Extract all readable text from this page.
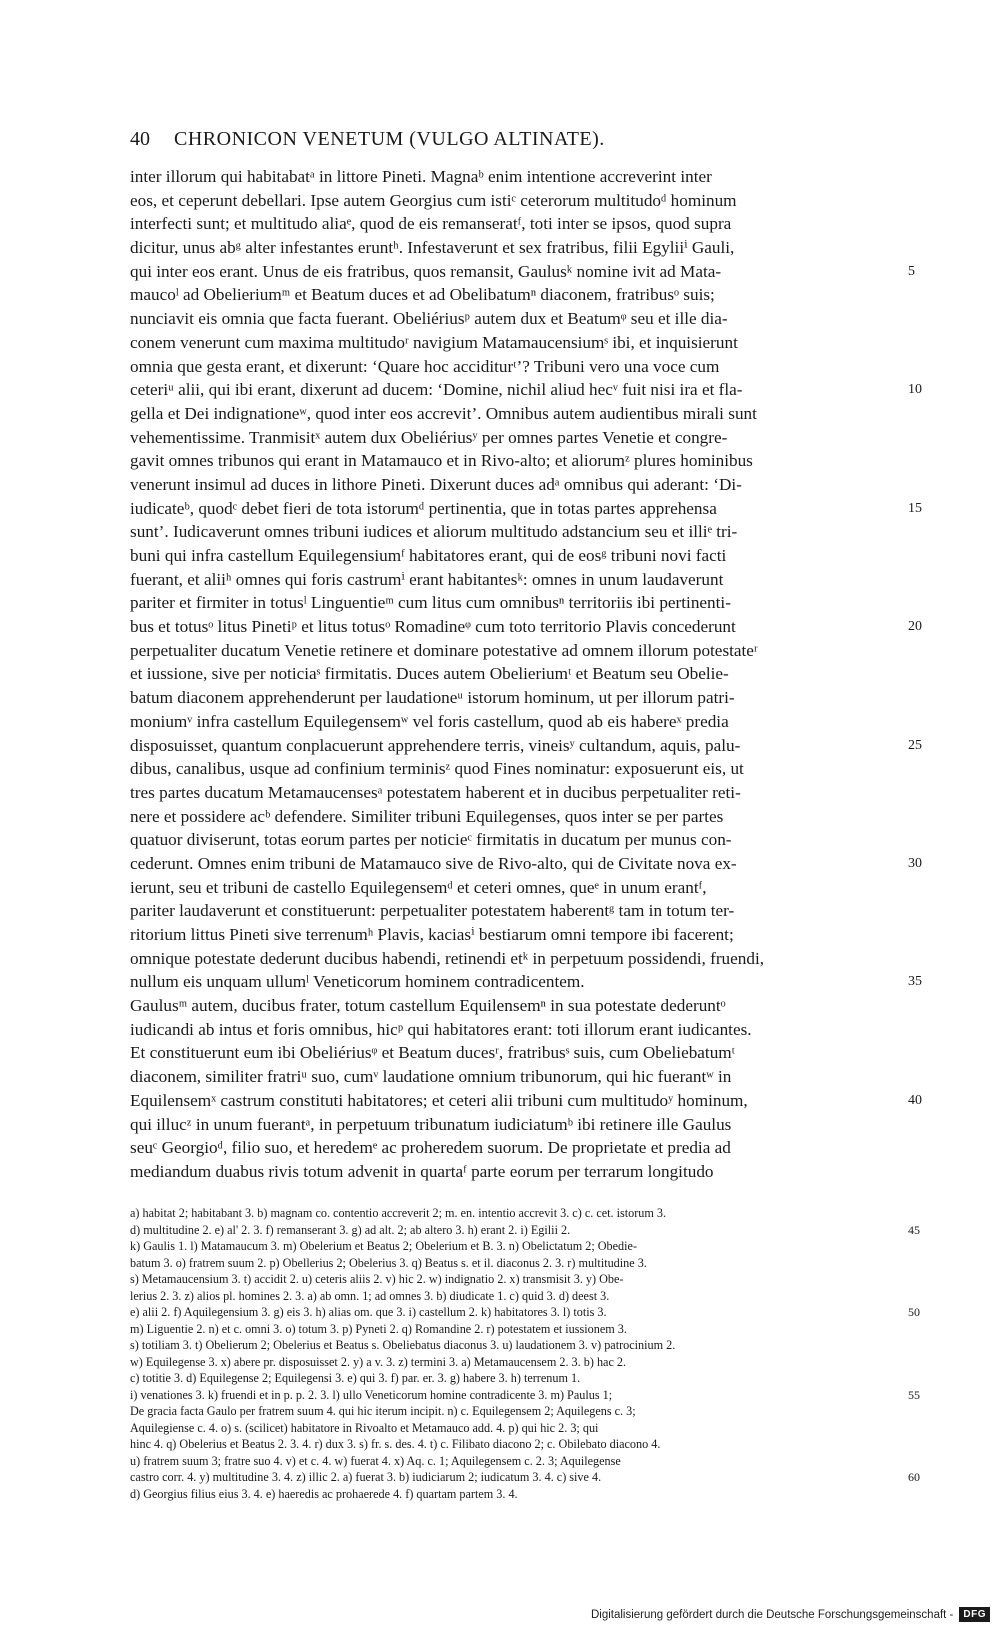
40 CHRONICON VENETUM (VULGO ALTINATE).
inter illorum qui habitabatᵃ in littore Pineti. Magnaᵇ enim intentione accreverint inter
eos, et ceperunt debellari. Ipse autem Georgius cum istiᶜ ceterorum multitudoᵈ hominum
interfecti sunt; et multitudo aliaᵉ, quod de eis remanseratᶠ, toti inter se ipsos, quod supra
dicitur, unus abᵍ alter infestantes eruntʰ. Infestaverunt et sex fratribus, filii Egyliiⁱ Gauli,
qui inter eos erant. Unus de eis fratribus, quos remansit, Gaulusᵏ nomine ivit ad Mata-	5
maucoˡ ad Obelieriumᵐ et Beatum duces et ad Obelibatumⁿ diaconem, fratribusᵒ suis;
nunciavit eis omnia que facta fuerant. Obeliériusᵖ autem dux et Beatumᵠ seu et ille dia-
conem venerunt cum maxima multitudoʳ navigium Matamaucensiumˢ ibi, et inquisierunt
omnia que gesta erant, et dixerunt: ‘Quare hoc acciditurᵗ’? Tribuni vero una voce cum
ceteriᵘ alii, qui ibi erant, dixerunt ad ducem: ‘Domine, nichil aliud hecᵛ fuit nisi ira et fla-	10
gella et Dei indignationeʷ, quod inter eos accrevit’. Omnibus autem audientibus mirali sunt
vehementissime. Tranmisitˣ autem dux Obeliériusʸ per omnes partes Venetie et congre-
gavit omnes tribunos qui erant in Matamauco et in Rivo-alto; et aliorumᶻ plures hominibus
venerunt insimul ad duces in lithore Pineti. Dixerunt duces adᵃ omnibus qui aderant: ‘Di-
iudicateᵇ, quodᶜ debet fieri de tota istorumᵈ pertinentia, que in totas partes apprehensa	15
sunt’. Iudicaverunt omnes tribuni iudices et aliorum multitudo adstancium seu et illiᵉ tri-
buni qui infra castellum Equilegensiumᶠ habitatores erant, qui de eosᵍ tribuni novi facti
fuerant, et aliiʰ omnes qui foris castrumⁱ erant habitantesᵏ: omnes in unum laudaverunt
pariter et firmiter in totusˡ Linguentieᵐ cum litus cum omnibusⁿ territoriis ibi pertinenti-
bus et totusᵒ litus Pinetiᵖ et litus totusᵒ Romadineᵠ cum toto territorio Plavis concederunt	20
perpetualiter ducatum Venetie retinere et dominare potestative ad omnem illorum potestateʳ
et iussione, sive per noticiaˢ firmitatis. Duces autem Obelieriumᵗ et Beatum seu Obelie-
batum diaconem apprehenderunt per laudationeᵘ istorum hominum, ut per illorum patri-
moniumᵛ infra castellum Equilegensemʷ vel foris castellum, quod ab eis habereˣ predia
disposuisset, quantum conplacuerunt apprehendere terris, vineisʸ cultandum, aquis, palu-	25
dibus, canalibus, usque ad confinium terminisᶻ quod Fines nominatur: exposuerunt eis, ut
tres partes ducatum Metamaucensesᵃ potestatem haberent et in ducibus perpetualiter reti-
nere et possidere acᵇ defendere. Similiter tribuni Equilegenses, quos inter se per partes
quatuor diviserunt, totas eorum partes per noticieᶜ firmitatis in ducatum per munus con-
cederunt. Omnes enim tribuni de Matamauco sive de Rivo-alto, qui de Civitate nova ex-	30
ierunt, seu et tribuni de castello Equilegensemᵈ et ceteri omnes, queᵉ in unum erantᶠ,
pariter laudaverunt et constituerunt: perpetualiter potestatem haberentᵍ tam in totum ter-
ritorium littus Pineti sive terrenumʰ Plavis, kaciasⁱ bestiarum omni tempore ibi facerent;
omnique potestate dederunt ducibus habendi, retinendi etᵏ in perpetuum possidendi, fruendi,
nullum eis unquam ullumˡ Veneticorum hominem contradicentem.	35
Gaulusᵐ autem, ducibus frater, totum castellum Equilensemⁿ in sua potestate dederuntᵒ
iudicandi ab intus et foris omnibus, hicᵖ qui habitatores erant: toti illorum erant iudicantes.
Et constituerunt eum ibi Obeliériusᵠ et Beatum ducesʳ, fratribusˢ suis, cum Obeliebatumᵗ
diaconem, similiter fratriᵘ suo, cumᵛ laudatione omnium tribunorum, qui hic fuerantʷ in
Equilensemˣ castrum constituti habitatores; et ceteri alii tribuni cum multitudoʸ hominum,	40
qui illucᶻ in unum fuerantᵃ, in perpetuum tribunatum iudiciatumᵇ ibi retinere ille Gaulus
seuᶜ Georgioᵈ, filio suo, et heredemᵉ ac proheredem suorum. De proprietate et predia ad
mediandum duabus rivis totum advenit in quartaᶠ parte eorum per terrarum longitudo
a) habitat 2; habitabant 3. b) magnam co. contentio accreverit 2; m. en. intentio accrevit 3. c) c. cet. istorum 3.
d) multitudine 2. e) al' 2. 3. f) remanserant 3. g) ad alt. 2; ab altero 3. h) erant 2. i) Egilii 2.	45
k) Gaulis 1. l) Matamaucum 3. m) Obelerium et Beatus 2; Obelerium et B. 3. n) Obelictatum 2; Obedie-
batum 3. o) fratrem suum 2. p) Obellerius 2; Obelerius 3. q) Beatus s. et il. diaconus 2. 3. r) multitudine 3.
s) Metamaucensium 3. t) accidit 2. u) ceteris aliis 2. v) hic 2. w) indignatio 2. x) transmisit 3. y) Obe-
lerius 2. 3. z) alios pl. homines 2. 3. a) ab omn. 1; ad omnes 3. b) diudicate 1. c) quid 3. d) deest 3.
e) alii 2. f) Aquilegensium 3. g) eis 3. h) alias om. que 3. i) castellum 2. k) habitatores 3. l) totis 3.	50
m) Liguentie 2. n) et c. omni 3. o) totum 3. p) Pyneti 2. q) Romandine 2. r) potestatem et iussionem 3.
s) totiliam 3. t) Obelierum 2; Obelerius et Beatus s. Obeliebatus diaconus 3. u) laudationem 3. v) patrocinium 2.
w) Equilegense 3. x) abere pr. disposuisset 2. y) a v. 3. z) termini 3. a) Metamaucensem 2. 3. b) hac 2.
c) totitie 3. d) Equilegense 2; Equilegensi 3. e) qui 3. f) par. er. 3. g) habere 3. h) terrenum 1.
i) venationes 3. k) fruendi et in p. p. 2. 3. l) ullo Veneticorum homine contradicente 3. m) Paulus 1;	55
De gracia facta Gaulo per fratrem suum 4. qui hic iterum incipit. n) c. Equilegensem 2; Aquilegens c. 3;
Aquilegiense c. 4. o) s. (scilicet) habitatore in Rivoalto et Metamauco add. 4. p) qui hic 2. 3; qui
hinc 4. q) Obelerius et Beatus 2. 3. 4. r) dux 3. s) fr. s. des. 4. t) c. Filibato diacono 2; c. Obilebato diacono 4.
u) fratrem suum 3; fratre suo 4. v) et c. 4. w) fuerat 4. x) Aq. c. 1; Aquilegensem c. 2. 3; Aquilegense
castro corr. 4. y) multitudine 3. 4. z) illic 2. a) fuerat 3. b) iudiciarum 2; iudicatum 3. 4. c) sive 4.	60
d) Georgius filius eius 3. 4. e) haeredis ac prohaerede 4. f) quartam partem 3. 4.
Digitalisierung gefördert durch die Deutsche Forschungsgemeinschaft -	DFG
